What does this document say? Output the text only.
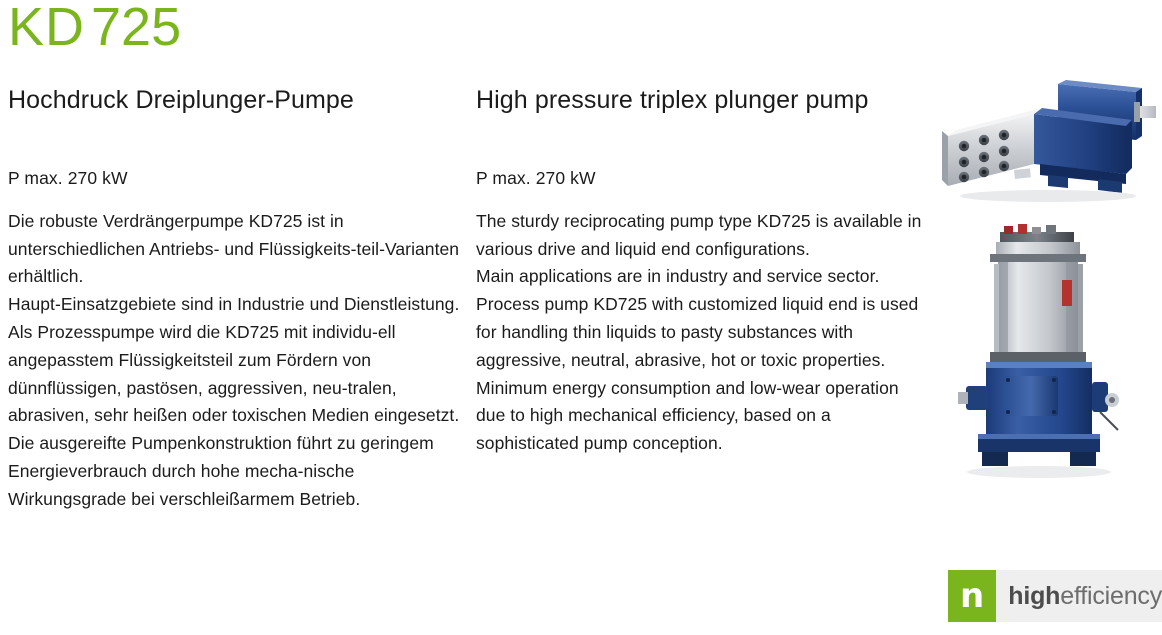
KD 725
Hochdruck Dreiplunger-Pumpe
P max. 270 kW

Die robuste Verdrängerpumpe KD725 ist in unterschiedlichen Antriebs- und Flüssigkeits-teil-Varianten erhältlich.

Haupt-Einsatzgebiete sind in Industrie und Dienstleistung.

Als Prozesspumpe wird die KD725 mit individu-ell angepasstem Flüssigkeitsteil zum Fördern von dünnflüssigen, pastösen, aggressiven, neu-tralen, abrasiven, sehr heißen oder toxischen Medien eingesetzt.

Die ausgereifte Pumpenkonstruktion führt zu geringem Energieverbrauch durch hohe mecha-nische Wirkungsgrade bei verschleißarmem Betrieb.

High pressure triplex plunger pump
P max. 270 kW

The sturdy reciprocating pump type KD725 is available in various drive and liquid end configurations.

Main applications are in industry and service sector.

Process pump KD725 with customized liquid end is used for handling thin liquids to pasty substances with aggressive, neutral, abrasive, hot or toxic properties.

Minimum energy consumption and low-wear operation due to high mechanical efficiency, based on a sophisticated pump conception.

n highefficiency
